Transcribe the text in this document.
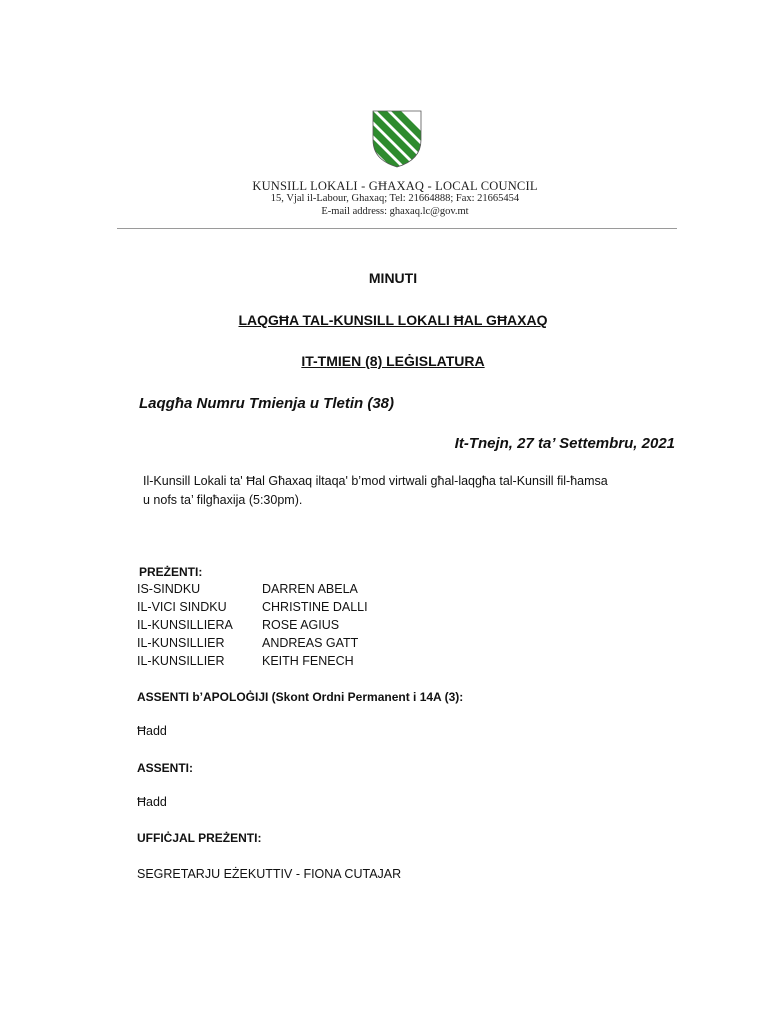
KUNSILL LOKALI - GĦAXAQ - LOCAL COUNCIL
15, Vjal il-Labour, Ghaxaq; Tel: 21664888; Fax: 21665454
E-mail address: ghaxaq.lc@gov.mt
MINUTI
LAQGĦA TAL-KUNSILL LOKALI ĦAL GĦAXAQ
IT-TMIEN (8) LEĠISLATURA
Laqgħa Numru Tmienja u Tletin (38)
It-Tnejn, 27 ta’ Settembru, 2021
Il-Kunsill Lokali ta' Ħal Għaxaq iltaqa' b’mod virtwali għal-laqgħa tal-Kunsill fil-ħamsa
u nofs ta’ filgħaxija (5:30pm).
PREŻENTI:
IS-SINDKU	DARREN ABELA
IL-VICI SINDKU	CHRISTINE DALLI
IL-KUNSILLIERA ROSE AGIUS
IL-KUNSILLIER	ANDREAS GATT
IL-KUNSILLIER	KEITH FENECH
ASSENTI b’APOLOĠIJI (Skont Ordni Permanent i 14A (3):
Ħadd
ASSENTI:
Ħadd
UFFIĊJAL PREŻENTI:
SEGRETARJU EŻEKUTTIV - FIONA CUTAJAR
